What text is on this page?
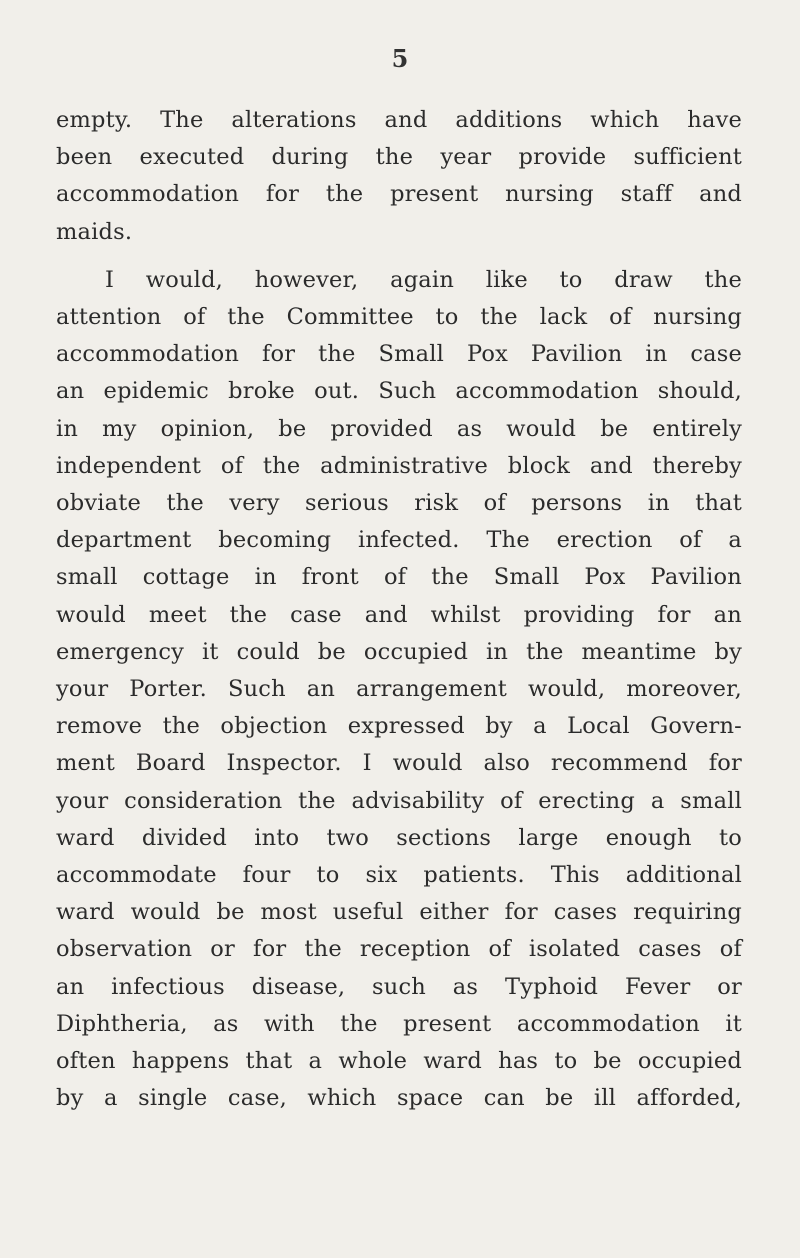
5
empty. The alterations and additions which have
been executed during the year provide sufficient
accommodation for the present nursing staff and
maids.
I would, however, again like to draw the
attention of the Committee to the lack of nursing
accommodation for the Small Pox Pavilion in case
an epidemic broke out. Such accommodation should,
in my opinion, be provided as would be entirely
independent of the administrative block and thereby
obviate the very serious risk of persons in that
department becoming infected. The erection of a
small cottage in front of the Small Pox Pavilion
would meet the case and whilst providing for an
emergency it could be occupied in the meantime by
your Porter. Such an arrangement would, moreover,
remove the objection expressed by a Local Govern-
ment Board Inspector. I would also recommend for
your consideration the advisability of erecting a small
ward divided into two sections large enough to
accommodate four to six patients. This additional
ward would be most useful either for cases requiring
observation or for the reception of isolated cases of
an infectious disease, such as Typhoid Fever or
Diphtheria, as with the present accommodation it
often happens that a whole ward has to be occupied
by a single case, which space can be ill afforded,
